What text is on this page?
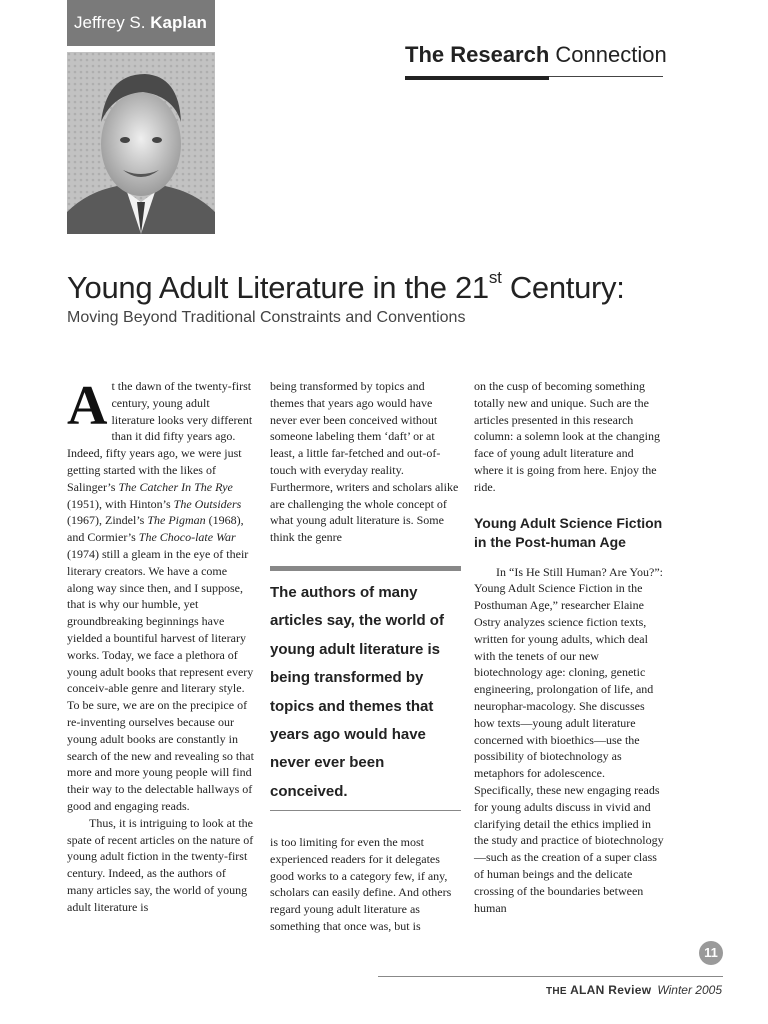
Jeffrey S. Kaplan
The Research Connection
Young Adult Literature in the 21st Century:
Moving Beyond Traditional Constraints and Conventions

At the dawn of the twenty-first century, young adult literature looks very different than it did fifty years ago. Indeed, fifty years ago, we were just getting started with the likes of Salinger’s The Catcher In The Rye (1951), with Hinton’s The Outsiders (1967), Zindel’s The Pigman (1968), and Cormier’s The Choco-late War (1974) still a gleam in the eye of their literary creators. We have a come along way since then, and I suppose, that is why our humble, yet groundbreaking beginnings have yielded a bountiful harvest of literary works. Today, we face a plethora of young adult books that represent every conceiv-able genre and literary style. To be sure, we are on the precipice of re-inventing ourselves because our young adult books are constantly in search of the new and revealing so that more and more young people will find their way to the delectable hallways of good and engaging reads.

Thus, it is intriguing to look at the spate of recent articles on the nature of young adult fiction in the twenty-first century. Indeed, as the authors of many articles say, the world of young adult literature is

being transformed by topics and themes that years ago would have never ever been conceived without someone labeling them ‘daft’ or at least, a little far-fetched and out-of-touch with everyday reality. Furthermore, writers and scholars alike are challenging the whole concept of what young adult literature is. Some think the genre

The authors of many articles say, the world of young adult literature is being transformed by topics and themes that years ago would have never ever been conceived.

is too limiting for even the most experienced readers for it delegates good works to a category few, if any, scholars can easily define. And others regard young adult literature as something that once was, but is

on the cusp of becoming something totally new and unique. Such are the articles presented in this research column: a solemn look at the changing face of young adult literature and where it is going from here. Enjoy the ride.

Young Adult Science Fiction in the Post-human Age

In “Is He Still Human? Are You?”: Young Adult Science Fiction in the Posthuman Age,” researcher Elaine Ostry analyzes science fiction texts, written for young adults, which deal with the tenets of our new biotechnology age: cloning, genetic engineering, prolongation of life, and neurophar-macology. She discusses how texts—young adult literature concerned with bioethics—use the possibility of biotechnology as metaphors for adolescence. Specifically, these new engaging reads for young adults discuss in vivid and clarifying detail the ethics implied in the study and practice of biotechnology—such as the creation of a super class of human beings and the delicate crossing of the boundaries between human

11
THE ALAN Review Winter 2005
